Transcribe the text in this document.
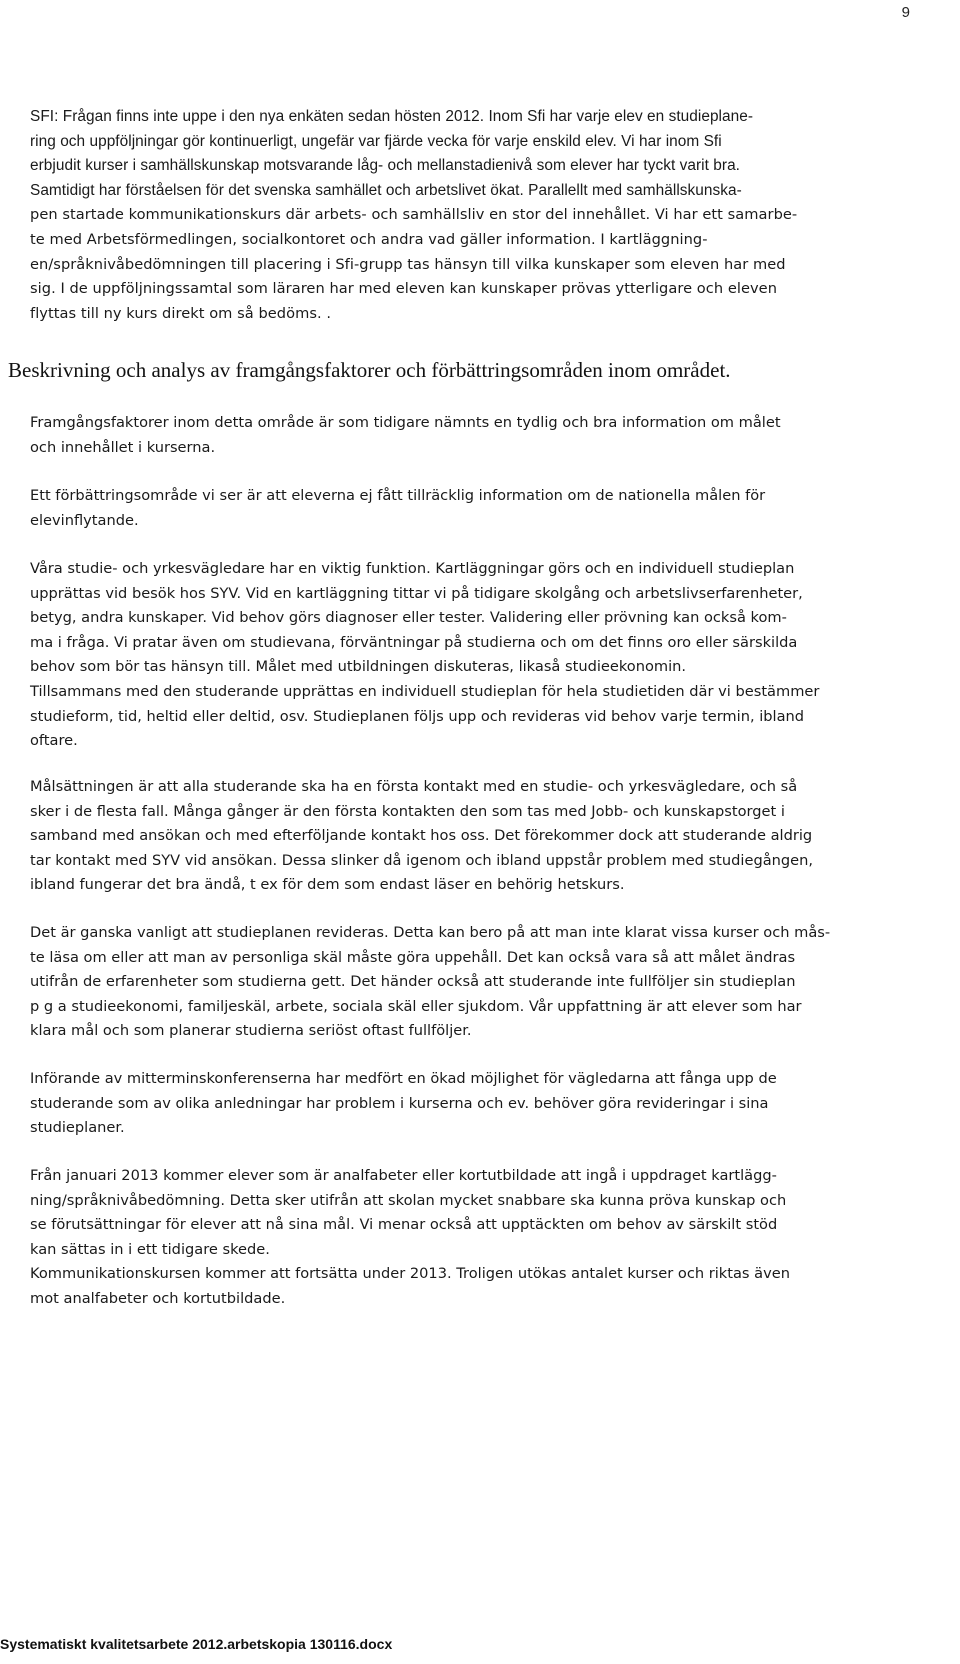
9
SFI: Frågan finns inte uppe i den nya enkäten sedan hösten 2012. Inom Sfi har varje elev en studieplane-
ring och uppföljningar gör kontinuerligt, ungefär var fjärde vecka för varje enskild elev. Vi har inom Sfi
erbjudit kurser i samhällskunskap motsvarande låg- och mellanstadienivå som elever har tyckt varit bra.
Samtidigt har förståelsen för det svenska samhället och arbetslivet ökat. Parallellt med samhällskunska-
pen startade kommunikationskurs där arbets- och samhällsliv en stor del innehållet. Vi har ett samarbe-
te med Arbetsförmedlingen, socialkontoret och andra vad gäller information. I kartläggning-
en/språknivåbedömningen till placering i Sfi-grupp tas hänsyn till vilka kunskaper som eleven har med
sig. I de uppföljningssamtal som läraren har med eleven kan kunskaper prövas ytterligare och eleven
flyttas till ny kurs direkt om så bedöms. .
Beskrivning och analys av framgångsfaktorer och förbättringsområden inom området.
Framgångsfaktorer inom detta område är som tidigare nämnts en tydlig och bra information om målet
och innehållet i kurserna.
Ett förbättringsområde vi ser är att eleverna ej fått tillräcklig information om de nationella målen för
elevinflytande.
Våra studie- och yrkesvägledare har en viktig funktion. Kartläggningar görs och en individuell studieplan
upprättas vid besök hos SYV. Vid en kartläggning tittar vi på tidigare skolgång och arbetslivserfarenheter,
betyg, andra kunskaper. Vid behov görs diagnoser eller tester. Validering eller prövning kan också kom-
ma i fråga. Vi pratar även om studievana, förväntningar på studierna och om det finns oro eller särskilda
behov som bör tas hänsyn till. Målet med utbildningen diskuteras, likaså studieekonomin.
Tillsammans med den studerande upprättas en individuell studieplan för hela studietiden där vi bestämmer
studieform, tid, heltid eller deltid, osv. Studieplanen följs upp och revideras vid behov varje termin, ibland
oftare.
Målsättningen är att alla studerande ska ha en första kontakt med en studie- och yrkesvägledare, och så
sker i de flesta fall. Många gånger är den första kontakten den som tas med Jobb- och kunskapstorget i
samband med ansökan och med efterföljande kontakt hos oss. Det förekommer dock att studerande aldrig
tar kontakt med SYV vid ansökan. Dessa slinker då igenom och ibland uppstår problem med studiegången,
ibland fungerar det bra ändå, t ex för dem som endast läser en behörig hetskurs.
Det är ganska vanligt att studieplanen revideras. Detta kan bero på att man inte klarat vissa kurser och mås-
te läsa om eller att man av personliga skäl måste göra uppehåll. Det kan också vara så att målet ändras
utifrån de erfarenheter som studierna gett. Det händer också att studerande inte fullföljer sin studieplan
p g a studieekonomi, familjeskäl, arbete, sociala skäl eller sjukdom. Vår uppfattning är att elever som har
klara mål och som planerar studierna seriöst oftast fullföljer.
Införande av mitterminskonferenserna har medfört en ökad möjlighet för vägledarna att fånga upp de
studerande som av olika anledningar har problem i kurserna och ev. behöver göra revideringar i sina
studieplaner.
Från januari 2013 kommer elever som är analfabeter eller kortutbildade att ingå i uppdraget kartlägg-
ning/språknivåbedömning. Detta sker utifrån att skolan mycket snabbare ska kunna pröva kunskap och
se förutsättningar för elever att nå sina mål. Vi menar också att upptäckten om behov av särskilt stöd
kan sättas in i ett tidigare skede.
Kommunikationskursen kommer att fortsätta under 2013. Troligen utökas antalet kurser och riktas även
mot analfabeter och kortutbildade.
Systematiskt kvalitetsarbete 2012.arbetskopia 130116.docx
